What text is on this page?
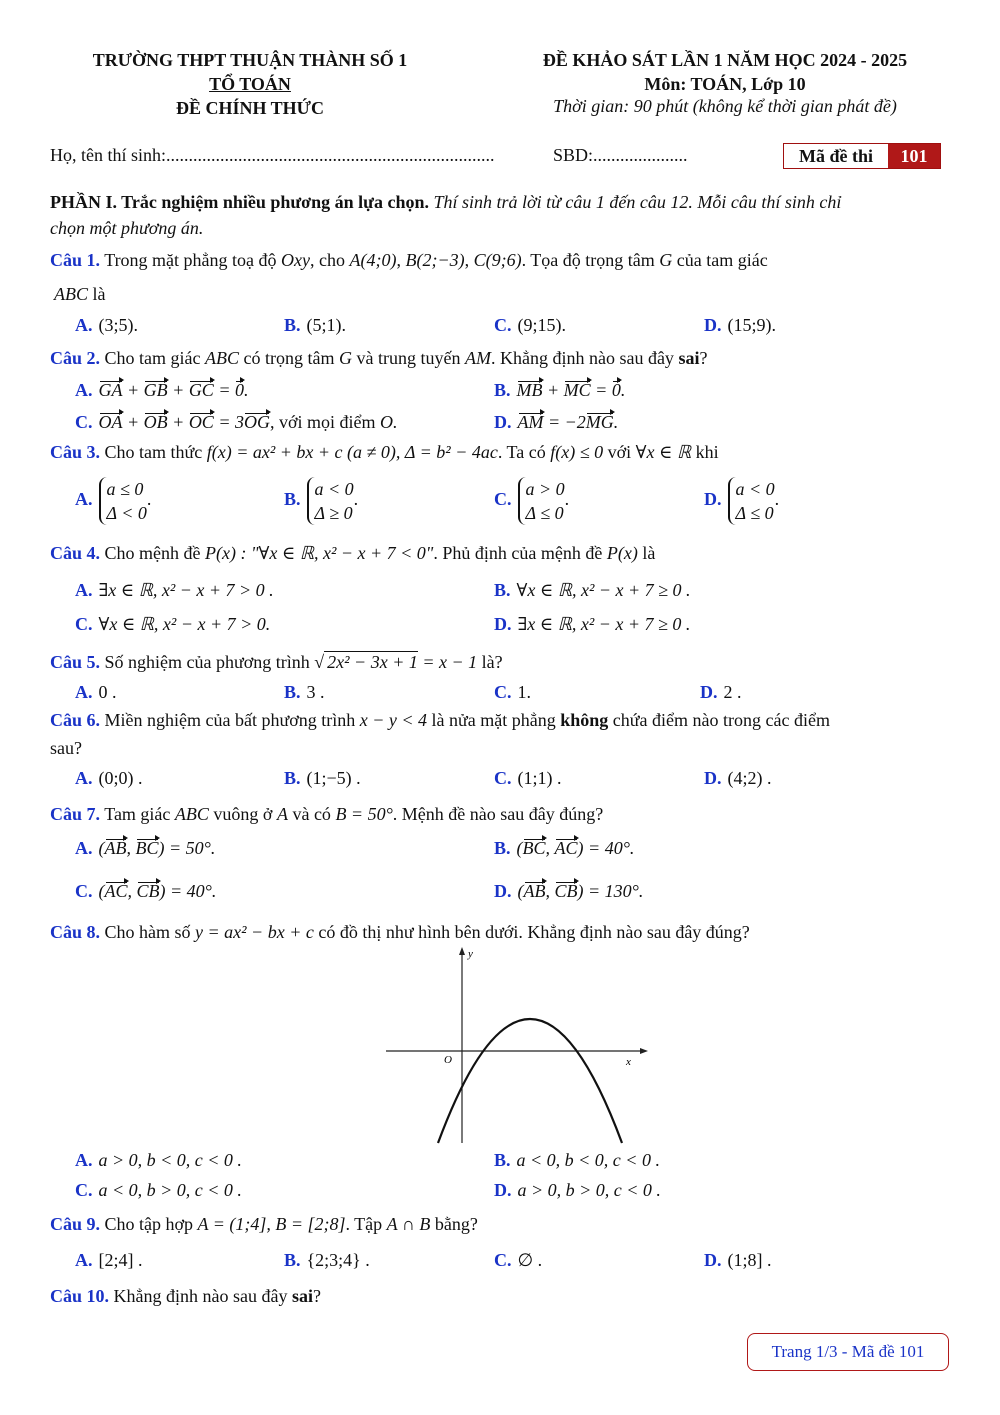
TRƯỜNG THPT THUẬN THÀNH SỐ 1
TỔ TOÁN
ĐỀ CHÍNH THỨC
ĐỀ KHẢO SÁT LẦN 1 NĂM HỌC 2024 - 2025
Môn: TOÁN, Lớp 10
Thời gian: 90 phút (không kể thời gian phát đề)
Họ, tên thí sinh:.........................................................................	SBD:.....................	Mã đề thi	101
PHẦN I. Trắc nghiệm nhiều phương án lựa chọn. Thí sinh trả lời từ câu 1 đến câu 12. Mỗi câu thí sinh chỉ
chọn một phương án.
Câu 1. Trong mặt phẳng toạ độ Oxy, cho A(4;0), B(2;−3), C(9;6). Tọa độ trọng tâm G của tam giác
ABC là
A. (3;5).	B. (5;1).	C. (9;15).	D. (15;9).
Câu 2. Cho tam giác ABC có trọng tâm G và trung tuyến AM. Khẳng định nào sau đây sai?
A. GA + GB + GC = 0.	B. MB + MC = 0.
C. OA + OB + OC = 3OG, với mọi điểm O.	D. AM = −2MG.
Câu 3. Cho tam thức f(x) = ax² + bx + c (a ≠ 0), Δ = b² − 4ac. Ta có f(x) ≤ 0 với ∀x ∈ ℝ khi
A.a ≤ 0
Δ < 0.	B.a < 0
Δ ≥ 0.	C.a > 0
Δ ≤ 0.	D.a < 0
Δ ≤ 0.
Câu 4. Cho mệnh đề P(x) : "∀x ∈ ℝ, x² − x + 7 < 0". Phủ định của mệnh đề P(x) là
A. ∃x ∈ ℝ, x² − x + 7 > 0 .	B. ∀x ∈ ℝ, x² − x + 7 ≥ 0 .
C. ∀x ∈ ℝ, x² − x + 7 > 0.	D. ∃x ∈ ℝ, x² − x + 7 ≥ 0 .
Câu 5. Số nghiệm của phương trình √ 2x² − 3x + 1 = x − 1 là?
A. 0 .	B. 3 .	C. 1.	D. 2 .
Câu 6. Miền nghiệm của bất phương trình x − y < 4 là nửa mặt phẳng không chứa điểm nào trong các điểm
sau?
A. (0;0) .	B. (1;−5) .	C. (1;1) .	D. (4;2) .
Câu 7. Tam giác ABC vuông ở A và có B = 50°. Mệnh đề nào sau đây đúng?
A. (AB, BC) = 50°.	B. (BC, AC) = 40°.
C. (AC, CB) = 40°.	D. (AB, CB) = 130°.
Câu 8. Cho hàm số y = ax² − bx + c có đồ thị như hình bên dưới. Khẳng định nào sau đây đúng?
y
x
O
A. a > 0, b < 0, c < 0 .	B. a < 0, b < 0, c < 0 .
C. a < 0, b > 0, c < 0 .	D. a > 0, b > 0, c < 0 .
Câu 9. Cho tập hợp A = (1;4], B = [2;8]. Tập A ∩ B bằng?
A. [2;4] .	B. {2;3;4} .	C. ∅ .	D. (1;8] .
Câu 10. Khẳng định nào sau đây sai?
Trang 1/3 - Mã đề 101
